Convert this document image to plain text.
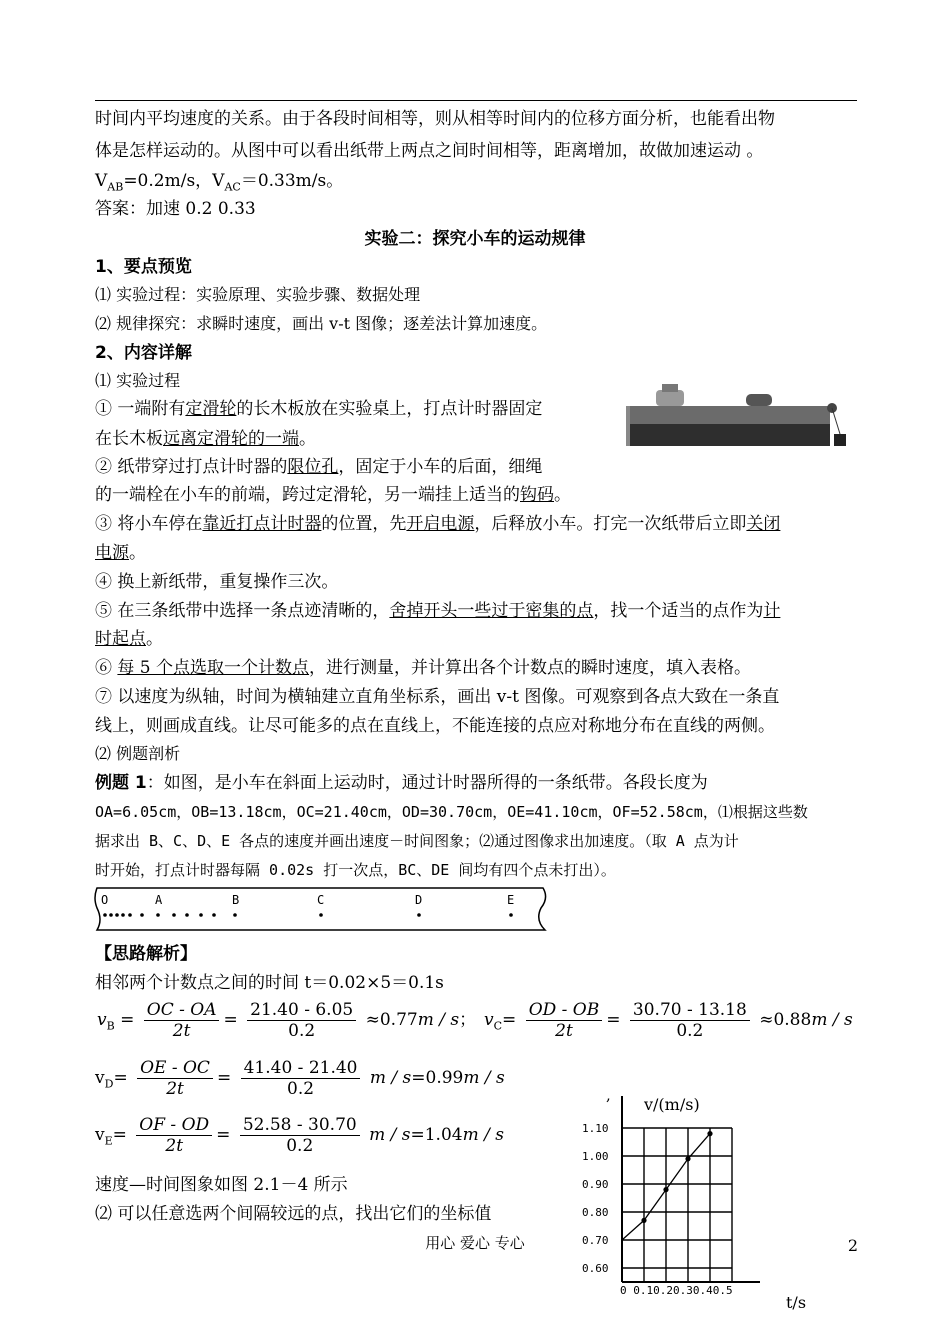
时间内平均速度的关系。由于各段时间相等，则从相等时间内的位移方面分析，也能看出物
体是怎样运动的。从图中可以看出纸带上两点之间时间相等，距离增加，故做加速运动 。
$V_{AB}=0.2m/s$，$V_{AC}=0.33m/s$。
答案：加速 0.2 0.33
实验二：探究小车的运动规律
1、要点预览
⑴ 实验过程：实验原理、实验步骤、数据处理
⑵ 规律探究：求瞬时速度，画出 v-t 图像；逐差法计算加速度。
2、内容详解
⑴ 实验过程
① 一端附有定滑轮的长木板放在实验桌上，打点计时器固定
在长木板远离定滑轮的一端。
② 纸带穿过打点计时器的限位孔，固定于小车的后面，细绳
的一端栓在小车的前端，跨过定滑轮，另一端挂上适当的钩码。
③ 将小车停在靠近打点计时器的位置，先开启电源，后释放小车。打完一次纸带后立即关闭
电源。
④ 换上新纸带，重复操作三次。
⑤ 在三条纸带中选择一条点迹清晰的，舍掉开头一些过于密集的点，找一个适当的点作为计
时起点。
⑥ 每 5 个点选取一个计数点，进行测量，并计算出各个计数点的瞬时速度，填入表格。
⑦ 以速度为纵轴，时间为横轴建立直角坐标系，画出 v-t 图像。可观察到各点大致在一条直
线上，则画成直线。让尽可能多的点在直线上，不能连接的点应对称地分布在直线的两侧。
⑵ 例题剖析
例题 1：如图，是小车在斜面上运动时，通过计时器所得的一条纸带。各段长度为
OA=6.05cm，OB=13.18cm，OC=21.40cm，OD=30.70cm，OE=41.10cm，OF=52.58cm，⑴根据这些数
据求出 B、C、D、E 各点的速度并画出速度－时间图象；⑵通过图像求出加速度。（取 A 点为计
时开始，打点计时器每隔 0.02s 打一次点，BC、DE 间均有四个点未打出）。
O	A	B	C	D	E
【思路解析】
相邻两个计数点之间的时间 t＝0.02×5＝0.1s
$v_B = \frac{OC - OA}{2t} = \frac{21.40 - 6.05}{0.2} \approx 0.77m / s$； $v_C= \frac{OD - OB}{2t} = \frac{30.70 - 13.18}{0.2} \approx 0.88m / s$
$v_D= \frac{OE - OC}{2t} = \frac{41.40 - 21.40}{0.2}$ m / s=0.99m / s
$v_E= \frac{OF - OD}{2t} = \frac{52.58 - 30.70}{0.2}$ m / s=1.04m / s
速度—时间图象如图 2.1－4 所示
⑵ 可以任意选两个间隔较远的点，找出它们的坐标值
, v/(m/s)
t/s
0 0.10.20.30.40.5
1.10
1.00
0.90
0.80
0.70
0.60
用心 爱心 专心	2
